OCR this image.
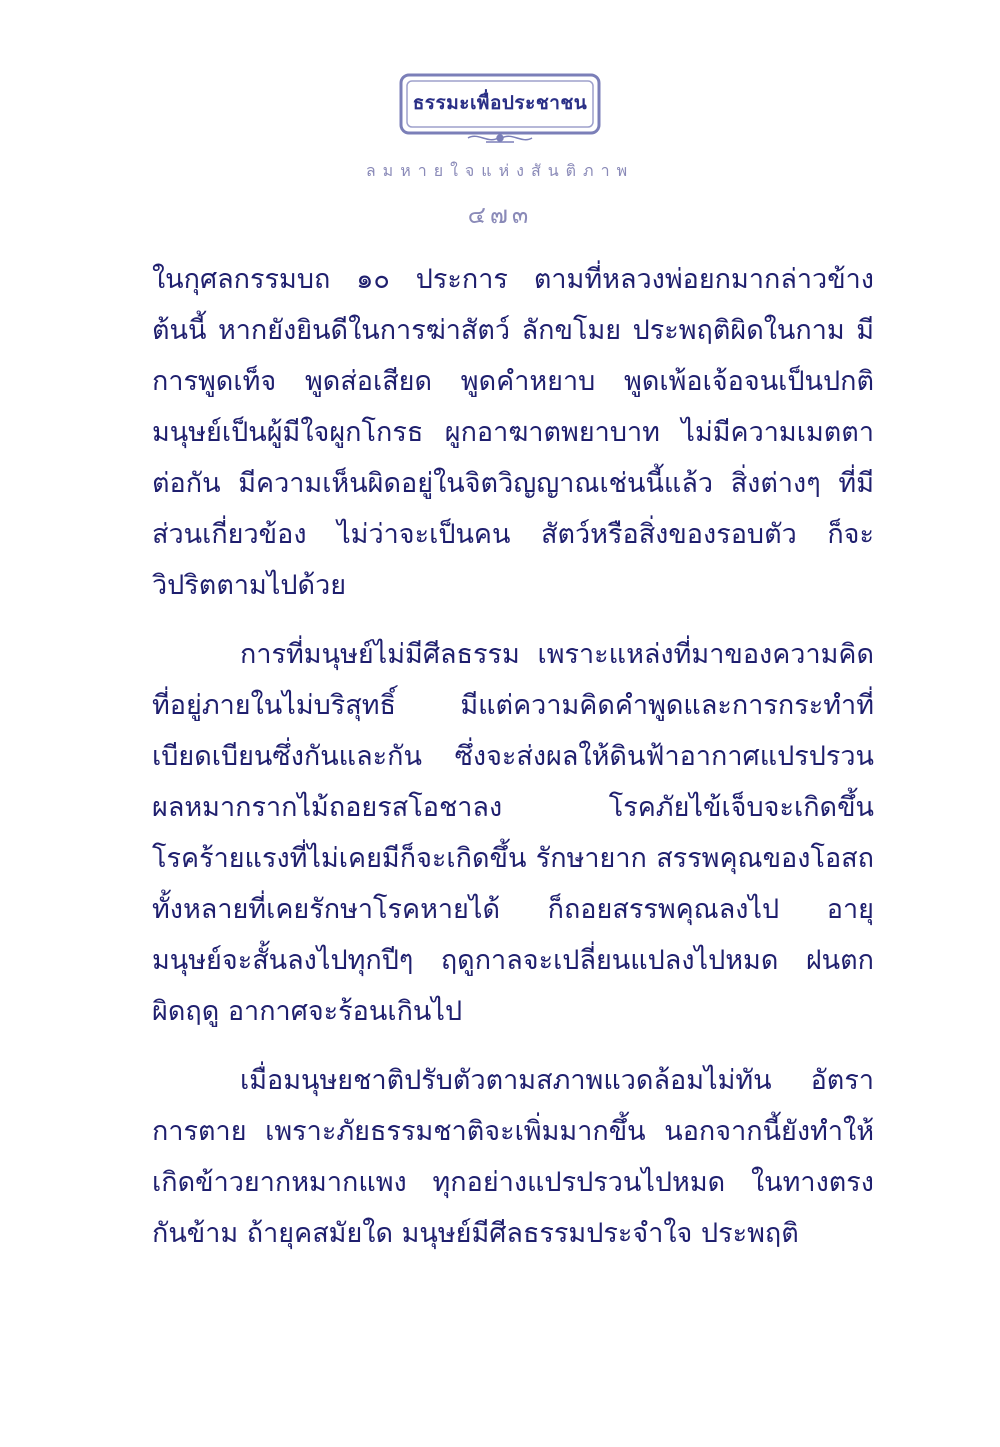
ธรรมะเพื่อประชาชน
ลมหายใจแห่งสันติภาพ
๔๗๓
ในกุศลกรรมบถ ๑๐ ประการ ตามที่หลวงพ่อยกมากล่าวข้าง
ต้นนี้ หากยังยินดีในการฆ่าสัตว์ ลักขโมย ประพฤติผิดในกาม มี
การพูดเท็จ พูดส่อเสียด พูดคำหยาบ พูดเพ้อเจ้อจนเป็นปกติ
มนุษย์เป็นผู้มีใจผูกโกรธ ผูกอาฆาตพยาบาท ไม่มีความเมตตา
ต่อกัน มีความเห็นผิดอยู่ในจิตวิญญาณเช่นนี้แล้ว สิ่งต่างๆ ที่มี
ส่วนเกี่ยวข้อง ไม่ว่าจะเป็นคน สัตว์หรือสิ่งของรอบตัว ก็จะ
วิปริตตามไปด้วย
การที่มนุษย์ไม่มีศีลธรรม เพราะแหล่งที่มาของความคิด
ที่อยู่ภายในไม่บริสุทธิ์ มีแต่ความคิดคำพูดและการกระทำที่
เบียดเบียนซึ่งกันและกัน ซึ่งจะส่งผลให้ดินฟ้าอากาศแปรปรวน
ผลหมากรากไม้ถอยรสโอชาลง โรคภัยไข้เจ็บจะเกิดขึ้น
โรคร้ายแรงที่ไม่เคยมีก็จะเกิดขึ้น รักษายาก สรรพคุณของโอสถ
ทั้งหลายที่เคยรักษาโรคหายได้ ก็ถอยสรรพคุณลงไป อายุ
มนุษย์จะสั้นลงไปทุกปีๆ ฤดูกาลจะเปลี่ยนแปลงไปหมด ฝนตก
ผิดฤดู อากาศจะร้อนเกินไป
เมื่อมนุษยชาติปรับตัวตามสภาพแวดล้อมไม่ทัน อัตรา
การตาย เพราะภัยธรรมชาติจะเพิ่มมากขึ้น นอกจากนี้ยังทำให้
เกิดข้าวยากหมากแพง ทุกอย่างแปรปรวนไปหมด ในทางตรง
กันข้าม ถ้ายุคสมัยใด มนุษย์มีศีลธรรมประจำใจ ประพฤติ
